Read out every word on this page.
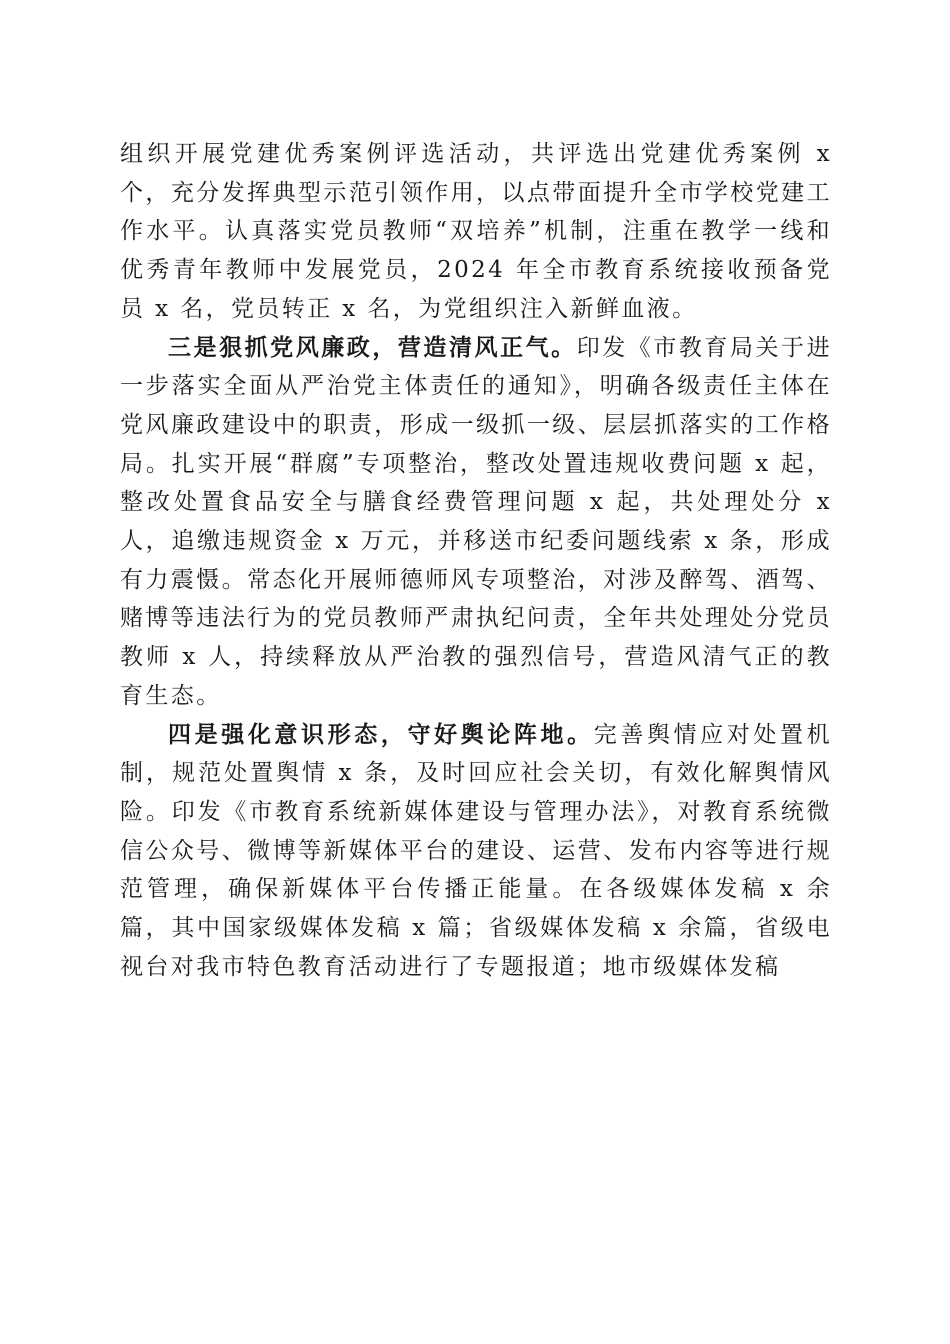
组织开展党建优秀案例评选活动，共评选出党建优秀案例 x 个，充分发挥典型示范引领作用，以点带面提升全市学校党建工作水平。认真落实党员教师“双培养”机制，注重在教学一线和优秀青年教师中发展党员，2024 年全市教育系统接收预备党员 x 名，党员转正 x 名，为党组织注入新鲜血液。

三是狠抓党风廉政，营造清风正气。印发《市教育局关于进一步落实全面从严治党主体责任的通知》，明确各级责任主体在党风廉政建设中的职责，形成一级抓一级、层层抓落实的工作格局。扎实开展“群腐”专项整治，整改处置违规收费问题 x 起，整改处置食品安全与膳食经费管理问题 x 起，共处理处分 x 人，追缴违规资金 x 万元，并移送市纪委问题线索 x 条，形成有力震慑。常态化开展师德师风专项整治，对涉及醉驾、酒驾、赌博等违法行为的党员教师严肃执纪问责，全年共处理处分党员教师 x 人，持续释放从严治教的强烈信号，营造风清气正的教育生态。

四是强化意识形态，守好舆论阵地。完善舆情应对处置机制，规范处置舆情 x 条，及时回应社会关切，有效化解舆情风险。印发《市教育系统新媒体建设与管理办法》，对教育系统微信公众号、微博等新媒体平台的建设、运营、发布内容等进行规范管理，确保新媒体平台传播正能量。在各级媒体发稿 x 余篇，其中国家级媒体发稿 x 篇；省级媒体发稿 x 余篇，省级电视台对我市特色教育活动进行了专题报道；地市级媒体发稿
